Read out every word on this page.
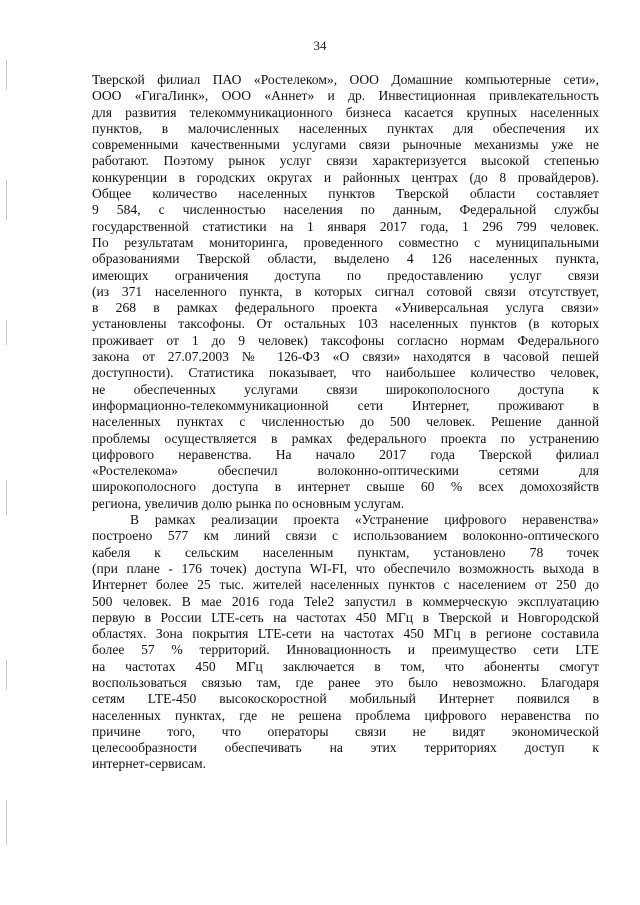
34
Тверской филиал ПАО «Ростелеком», ООО Домашние компьютерные сети»,
ООО «ГигаЛинк», ООО «Аннет» и др. Инвестиционная привлекательность
для развития телекоммуникационного бизнеса касается крупных населенных
пунктов, в малочисленных населенных пунктах для обеспечения их
современными качественными услугами связи рыночные механизмы уже не
работают. Поэтому рынок услуг связи характеризуется высокой степенью
конкуренции в городских округах и районных центрах (до 8 провайдеров).
Общее количество населенных пунктов Тверской области составляет
9 584, с численностью населения по данным, Федеральной службы
государственной статистики на 1 января 2017 года, 1 296 799 человек.
По результатам мониторинга, проведенного совместно с муниципальными
образованиями Тверской области, выделено 4 126 населенных пункта,
имеющих ограничения доступа по предоставлению услуг связи
(из 371 населенного пункта, в которых сигнал сотовой связи отсутствует,
в 268 в рамках федерального проекта «Универсальная услуга связи»
установлены таксофоны. От остальных 103 населенных пунктов (в которых
проживает от 1 до 9 человек) таксофоны согласно нормам Федерального
закона от 27.07.2003 № 126-ФЗ «О связи» находятся в часовой пешей
доступности). Статистика показывает, что наибольшее количество человек,
не обеспеченных услугами связи широкополосного доступа к
информационно-телекоммуникационной сети Интернет, проживают в
населенных пунктах с численностью до 500 человек. Решение данной
проблемы осуществляется в рамках федерального проекта по устранению
цифрового неравенства. На начало 2017 года Тверской филиал
«Ростелекома» обеспечил волоконно-оптическими сетями для
широкополосного доступа в интернет свыше 60 % всех домохозяйств
региона, увеличив долю рынка по основным услугам.
В рамках реализации проекта «Устранение цифрового неравенства»
построено 577 км линий связи с использованием волоконно-оптического
кабеля к сельским населенным пунктам, установлено 78 точек
(при плане - 176 точек) доступа WI-FI, что обеспечило возможность выхода в
Интернет более 25 тыс. жителей населенных пунктов с населением от 250 до
500 человек. В мае 2016 года Tele2 запустил в коммерческую эксплуатацию
первую в России LTE-сеть на частотах 450 МГц в Тверской и Новгородской
областях. Зона покрытия LTE-сети на частотах 450 МГц в регионе составила
более 57 % территорий. Инновационность и преимущество сети LTE
на частотах 450 МГц заключается в том, что абоненты смогут
воспользоваться связью там, где ранее это было невозможно. Благодаря
сетям LTE-450 высокоскоростной мобильный Интернет появился в
населенных пунктах, где не решена проблема цифрового неравенства по
причине того, что операторы связи не видят экономической
целесообразности обеспечивать на этих территориях доступ к
интернет-сервисам.
